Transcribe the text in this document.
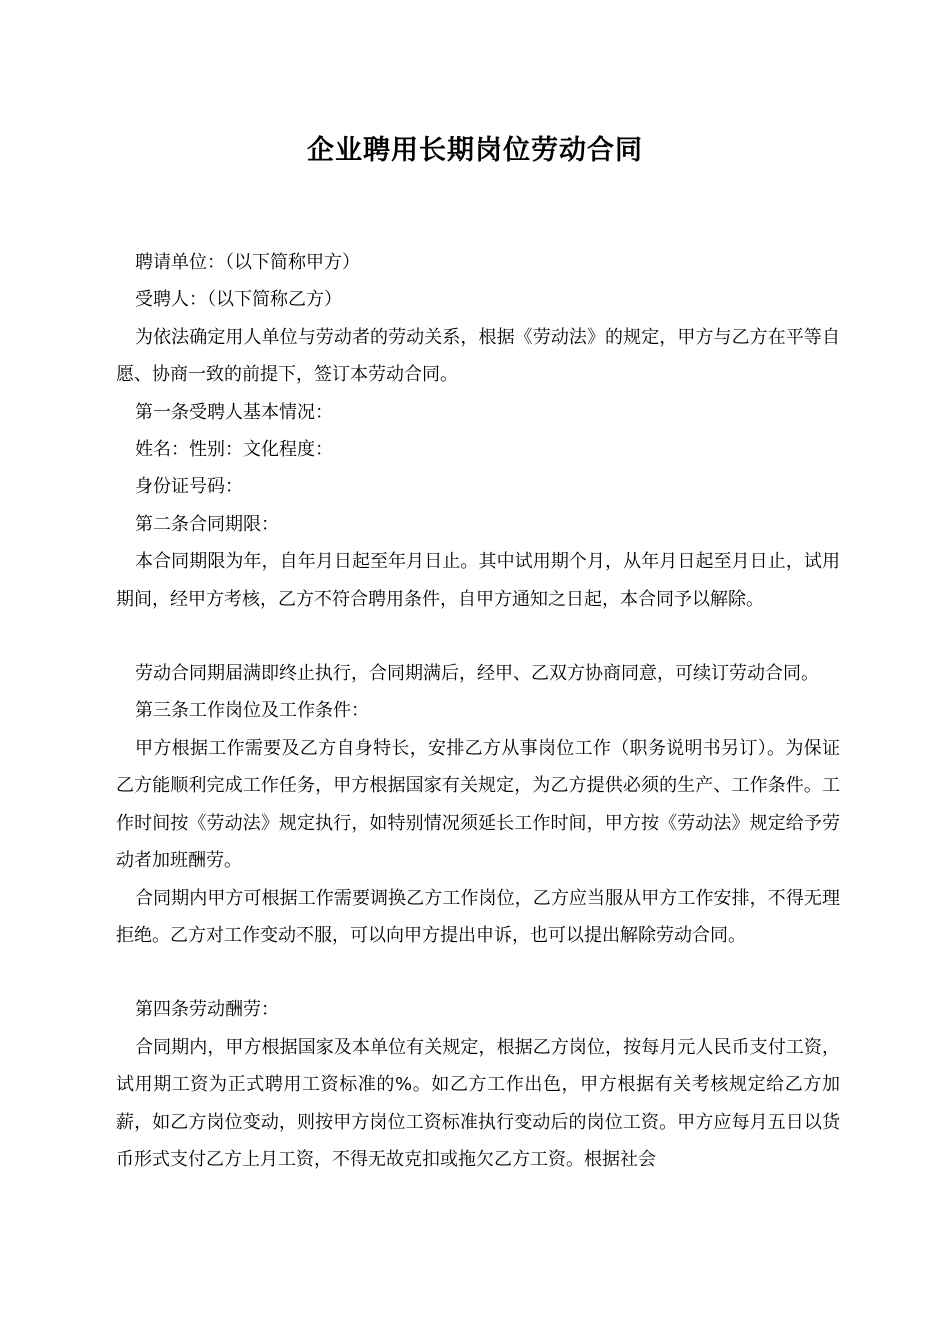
企业聘用长期岗位劳动合同

聘请单位：（以下简称甲方）

受聘人：（以下简称乙方）

为依法确定用人单位与劳动者的劳动关系，根据《劳动法》的规定，甲方与乙方在平等自愿、协商一致的前提下，签订本劳动合同。

第一条受聘人基本情况：

姓名：性别：文化程度：

身份证号码：

第二条合同期限：

本合同期限为年，自年月日起至年月日止。其中试用期个月，从年月日起至月日止，试用期间，经甲方考核，乙方不符合聘用条件，自甲方通知之日起，本合同予以解除。

劳动合同期届满即终止执行，合同期满后，经甲、乙双方协商同意，可续订劳动合同。

第三条工作岗位及工作条件：

甲方根据工作需要及乙方自身特长，安排乙方从事岗位工作（职务说明书另订）。为保证乙方能顺利完成工作任务，甲方根据国家有关规定，为乙方提供必须的生产、工作条件。工作时间按《劳动法》规定执行，如特别情况须延长工作时间，甲方按《劳动法》规定给予劳动者加班酬劳。

合同期内甲方可根据工作需要调换乙方工作岗位，乙方应当服从甲方工作安排，不得无理拒绝。乙方对工作变动不服，可以向甲方提出申诉，也可以提出解除劳动合同。

第四条劳动酬劳：

合同期内，甲方根据国家及本单位有关规定，根据乙方岗位，按每月元人民币支付工资，试用期工资为正式聘用工资标准的%。如乙方工作出色，甲方根据有关考核规定给乙方加薪，如乙方岗位变动，则按甲方岗位工资标准执行变动后的岗位工资。甲方应每月五日以货币形式支付乙方上月工资，不得无故克扣或拖欠乙方工资。根据社会
